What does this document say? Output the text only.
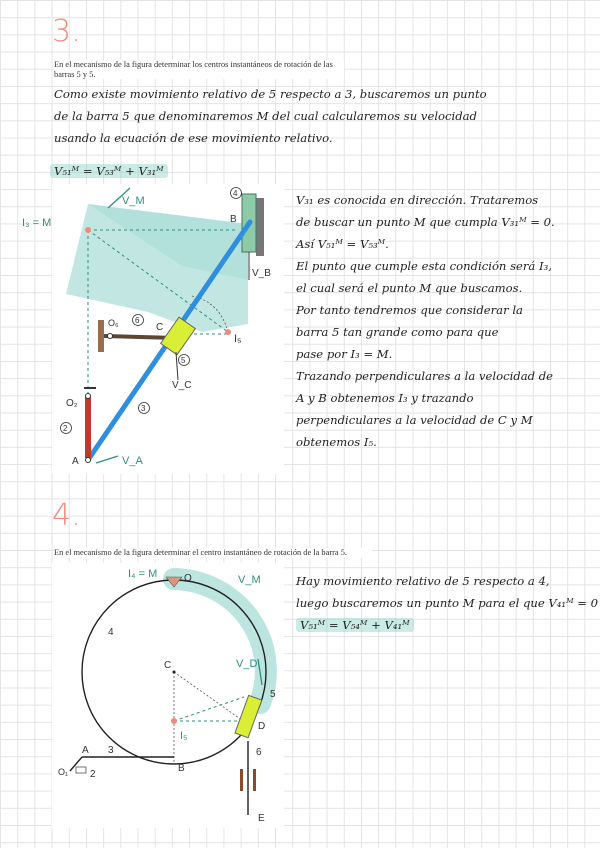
3.
En el mecanismo de la figura determinar los centros instantáneos de rotación de las barras 5 y 5.
Como existe movimiento relativo de 5 respecto a 3, buscaremos un punto
de la barra 5 que denominaremos M del cual calcularemos su velocidad
usando la ecuación de ese movimiento relativo.
V₅₁ᴹ = V₅₃ᴹ + V₃₁ᴹ
I₃ = M
V_M
4
B
V_B
O₆ 6
C
I₅
5
V_C
O₂	3
2
A	V_A
V₃₁ es conocida en dirección. Trataremos
de buscar un punto M que cumpla V₃₁ᴹ = 0.
Así V₅₁ᴹ = V₅₃ᴹ.
El punto que cumple esta condición será I₃,
el cual será el punto M que buscamos.
Por tanto tendremos que considerar la
barra 5 tan grande como para que
pase por I₃ = M.
Trazando perpendiculares a la velocidad de
A y B obtenemos I₃ y trazando
perpendiculares a la velocidad de C y M
obtenemos I₅.
4.
En el mecanismo de la figura determinar el centro instantáneo de rotación de la barra 5.
I₄ = M	O	V_M
4
C	V_D
5
D
I₅
6
A 3
B
O₁ 2
E
Hay movimiento relativo de 5 respecto a 4,
luego buscaremos un punto M para el que V₄₁ᴹ = 0
V₅₁ᴹ = V₅₄ᴹ + V₄₁ᴹ
